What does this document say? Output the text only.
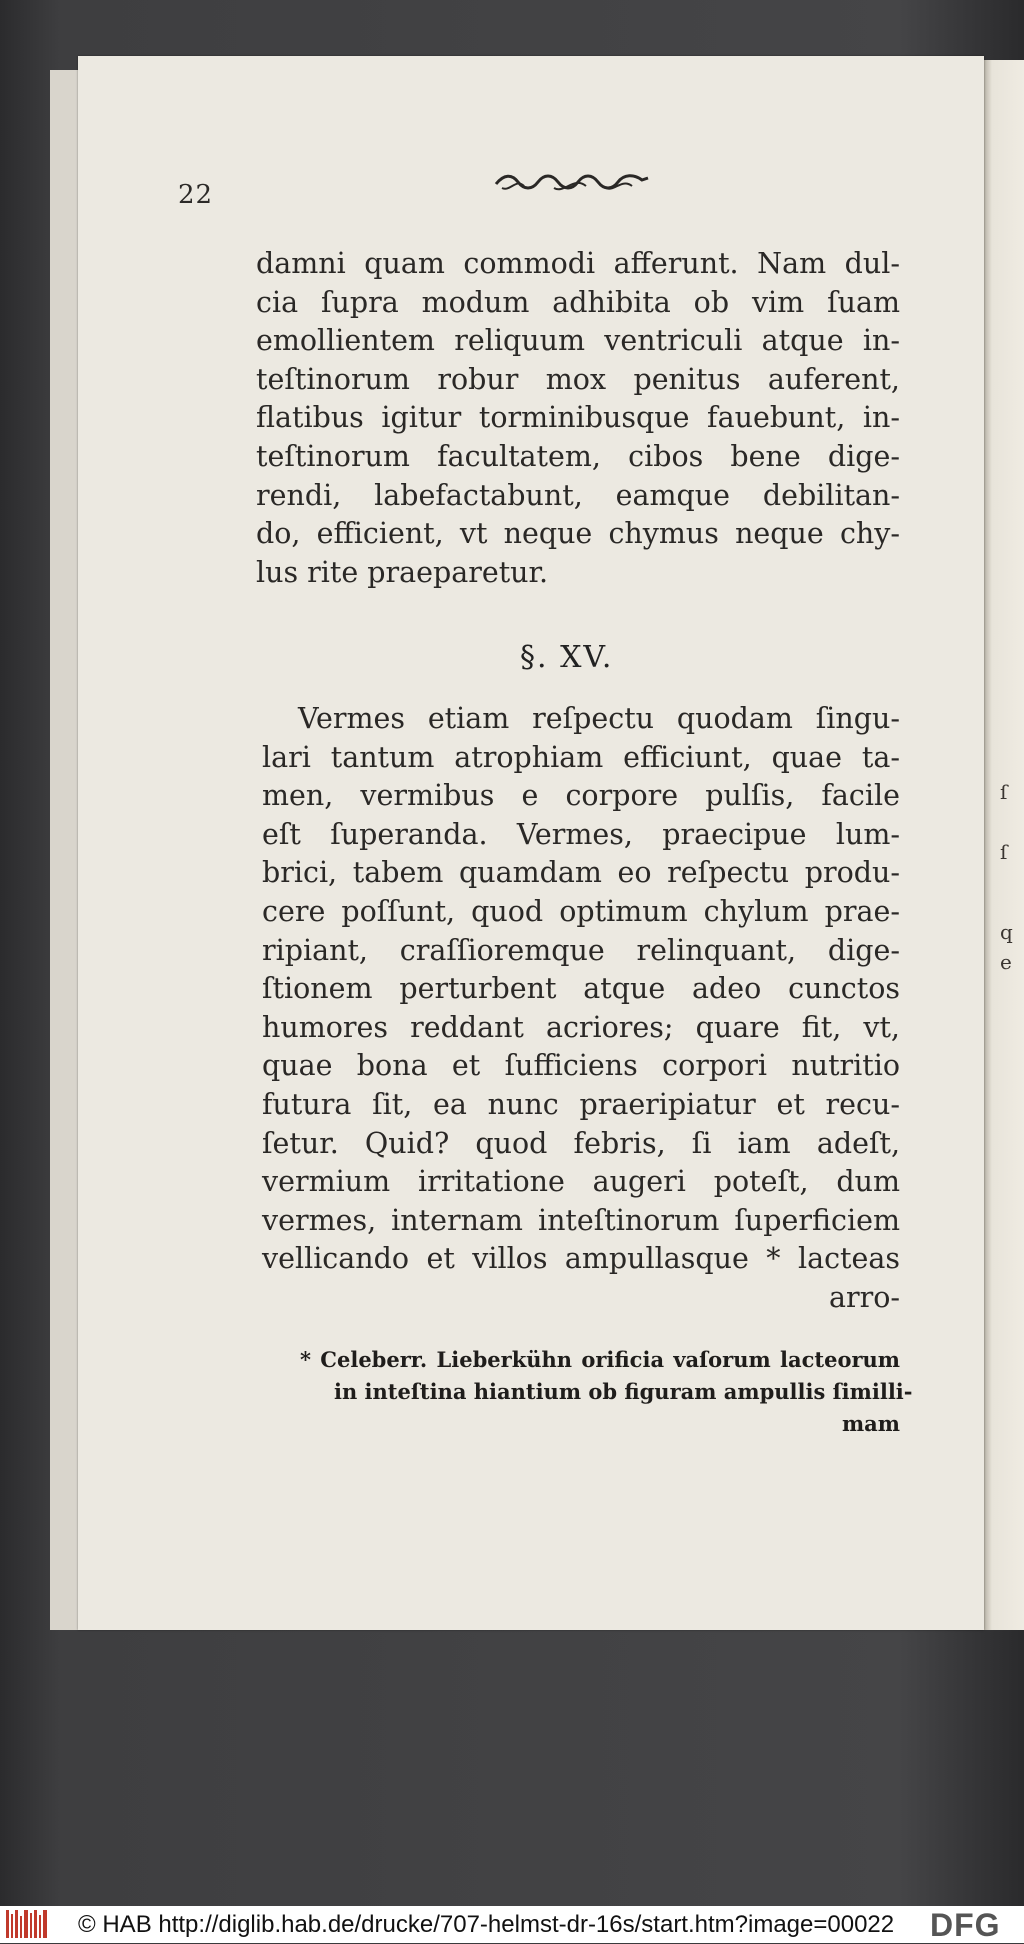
ſ
q
e
ſ
22
damni quam commodi afferunt. Nam dul-
cia ſupra modum adhibita ob vim ſuam
emollientem reliquum ventriculi atque in-
teſtinorum robur mox penitus auferent,
flatibus igitur torminibusque fauebunt, in-
teſtinorum facultatem, cibos bene dige-
rendi, labefactabunt, eamque debilitan-
do, efficient, vt neque chymus neque chy-
lus rite praeparetur.
§. XV.
Vermes etiam reſpectu quodam ſingu-
lari tantum atrophiam efficiunt, quae ta-
men, vermibus e corpore pulſis, facile
eſt ſuperanda. Vermes, praecipue lum-
brici, tabem quamdam eo reſpectu produ-
cere poſſunt, quod optimum chylum prae-
ripiant, craſſioremque relinquant, dige-
ſtionem perturbent atque adeo cunctos
humores reddant acriores; quare fit, vt,
quae bona et ſufficiens corpori nutritio
futura ſit, ea nunc praeripiatur et recu-
ſetur. Quid? quod febris, ſi iam adeſt,
vermium irritatione augeri poteſt, dum
vermes, internam inteſtinorum ſuperficiem
vellicando et villos ampullasque * lacteas
arro-
* Celeberr. Lieberkühn orificia vaſorum lacteorum
in inteſtina hiantium ob figuram ampullis ſimilli-
mam
© HAB http://diglib.hab.de/drucke/707-helmst-dr-16s/start.htm?image=00022 DFG
